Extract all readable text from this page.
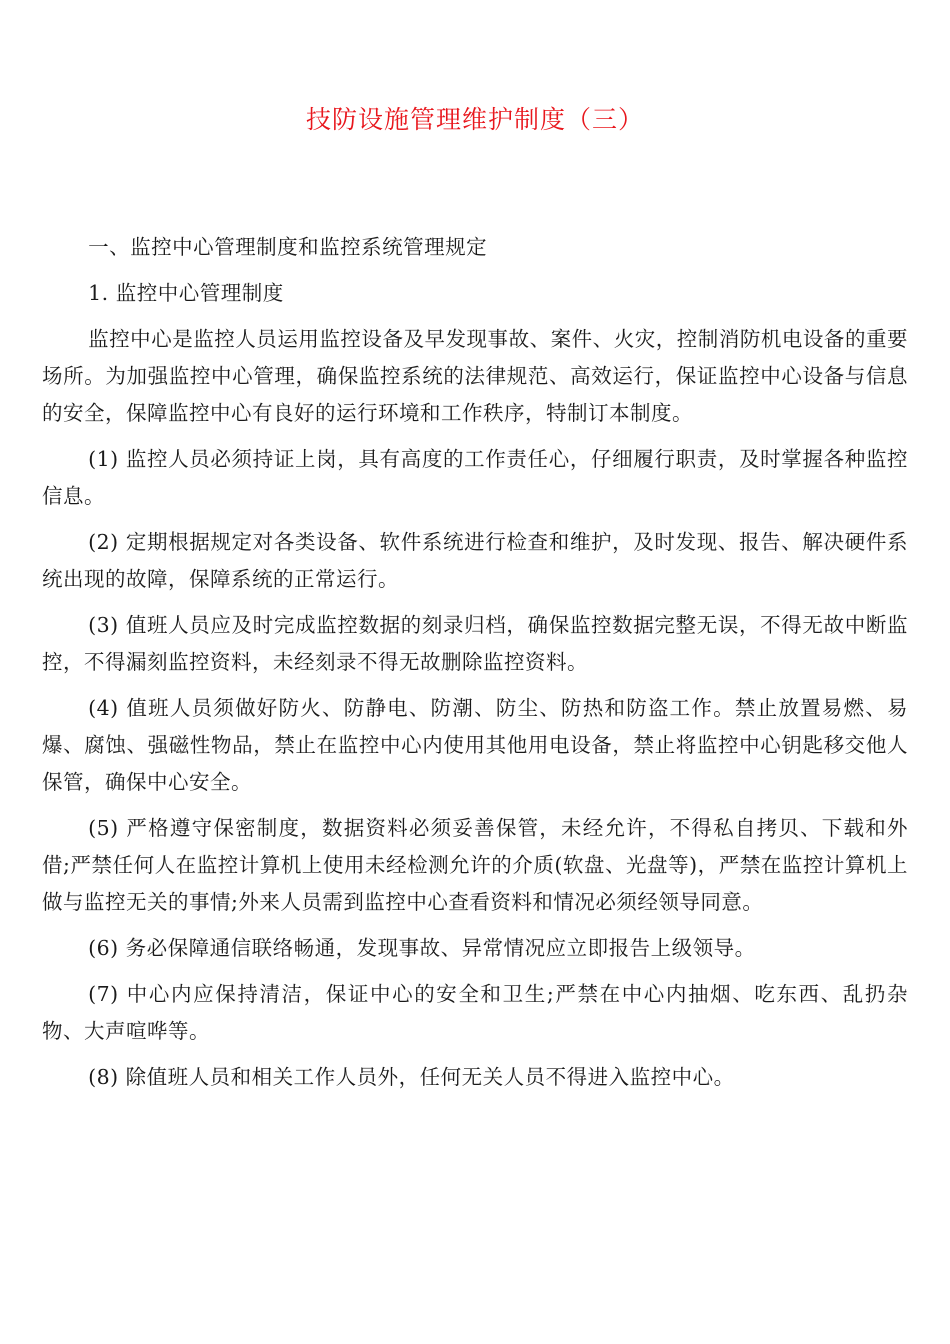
技防设施管理维护制度（三）

一、监控中心管理制度和监控系统管理规定

1. 监控中心管理制度

监控中心是监控人员运用监控设备及早发现事故、案件、火灾，控制消防机电设备的重要场所。为加强监控中心管理，确保监控系统的法律规范、高效运行，保证监控中心设备与信息的安全，保障监控中心有良好的运行环境和工作秩序，特制订本制度。

(1) 监控人员必须持证上岗，具有高度的工作责任心，仔细履行职责，及时掌握各种监控信息。

(2) 定期根据规定对各类设备、软件系统进行检查和维护，及时发现、报告、解决硬件系统出现的故障，保障系统的正常运行。

(3) 值班人员应及时完成监控数据的刻录归档，确保监控数据完整无误，不得无故中断监控，不得漏刻监控资料，未经刻录不得无故删除监控资料。

(4) 值班人员须做好防火、防静电、防潮、防尘、防热和防盗工作。禁止放置易燃、易爆、腐蚀、强磁性物品，禁止在监控中心内使用其他用电设备，禁止将监控中心钥匙移交他人保管，确保中心安全。

(5) 严格遵守保密制度，数据资料必须妥善保管，未经允许，不得私自拷贝、下载和外借;严禁任何人在监控计算机上使用未经检测允许的介质(软盘、光盘等)，严禁在监控计算机上做与监控无关的事情;外来人员需到监控中心查看资料和情况必须经领导同意。

(6) 务必保障通信联络畅通，发现事故、异常情况应立即报告上级领导。

(7) 中心内应保持清洁，保证中心的安全和卫生;严禁在中心内抽烟、吃东西、乱扔杂物、大声喧哗等。

(8) 除值班人员和相关工作人员外，任何无关人员不得进入监控中心。
